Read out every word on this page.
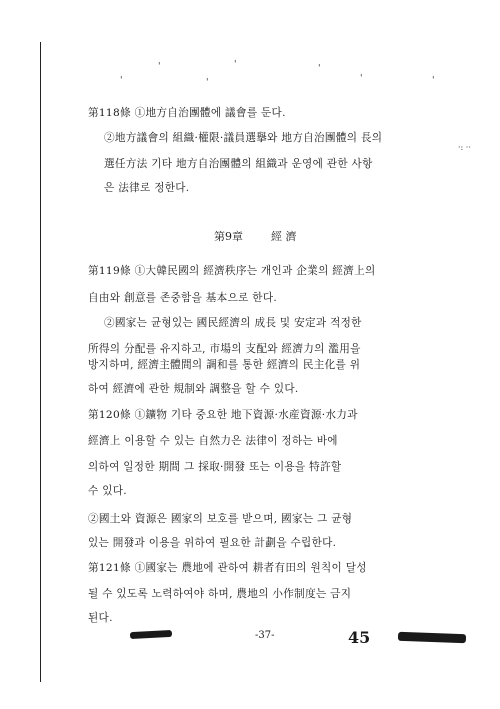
'	'	'
'	'	'	'
第118條 ①地方自治團體에 議會를 둔다.
②地方議會의 組織·權限·議員選擧와 地方自治團體의 長의
選任方法 기타 地方自治團體의 組織과 운영에 관한 사항
은 法律로 정한다.
·: ··
第9章	經 濟
第119條 ①大韓民國의 經濟秩序는 개인과 企業의 經濟上의
自由와 創意를 존중함을 基本으로 한다.
②國家는 균형있는 國民經濟의 成長 및 安定과 적정한
所得의 分配를 유지하고, 市場의 支配와 經濟力의 濫用을
방지하며, 經濟主體間의 調和를 통한 經濟의 民主化를 위
하여 經濟에 관한 規制와 調整을 할 수 있다.
第120條 ①鑛物 기타 중요한 地下資源·水産資源·水力과
經濟上 이용할 수 있는 自然力은 法律이 정하는 바에
의하여 일정한 期間 그 採取·開發 또는 이용을 特許할
수 있다.
②國土와 資源은 國家의 보호를 받으며, 國家는 그 균형
있는 開發과 이용을 위하여 필요한 計劃을 수립한다.
第121條 ①國家는 農地에 관하여 耕者有田의 원칙이 달성
될 수 있도록 노력하여야 하며, 農地의 小作制度는 금지
된다.
-37-	45
